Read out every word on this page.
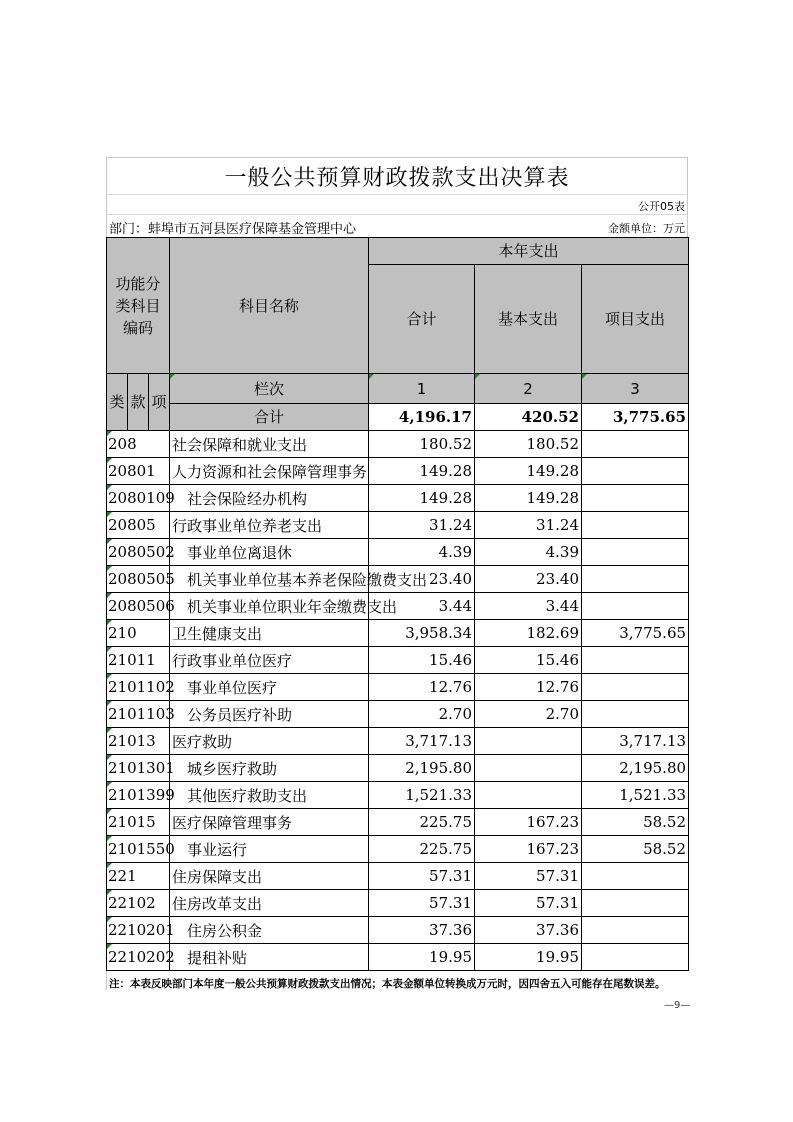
一般公共预算财政拨款支出决算表
公开05表
部门：蚌埠市五河县医疗保障基金管理中心	金额单位：万元
功能分类科目编码			科目名称	本年支出		
				合计	基本支出	项目支出

类	款	项	栏次	1	2	3
			合计	4,196.17	420.52	3,775.65
208			社会保障和就业支出	180.52	180.52	
20801			人力资源和社会保障管理事务	149.28	149.28	
2080109	　		社会保险经办机构	149.28	149.28	
20805			行政事业单位养老支出	31.24	31.24	
2080502	　		事业单位离退休	4.39	4.39	
2080505	　		机关事业单位基本养老保险缴费支出	23.40	23.40	
2080506	　		机关事业单位职业年金缴费支出	3.44	3.44	
210			卫生健康支出	3,958.34	182.69	3,775.65
21011			行政事业单位医疗	15.46	15.46	
2101102	　		事业单位医疗	12.76	12.76	
2101103	　		公务员医疗补助	2.70	2.70	
21013			医疗救助	3,717.13		3,717.13
2101301	　		城乡医疗救助	2,195.80		2,195.80
2101399	　		其他医疗救助支出	1,521.33		1,521.33
21015			医疗保障管理事务	225.75	167.23	58.52
2101550	　		事业运行	225.75	167.23	58.52
221			住房保障支出	57.31	57.31	
22102			住房改革支出	57.31	57.31	
2210201	　		住房公积金	37.36	37.36	
2210202	　		提租补贴	19.95	19.95	
注：本表反映部门本年度一般公共预算财政拨款支出情况；本表金额单位转换成万元时，因四舍五入可能存在尾数误差。
—9—
